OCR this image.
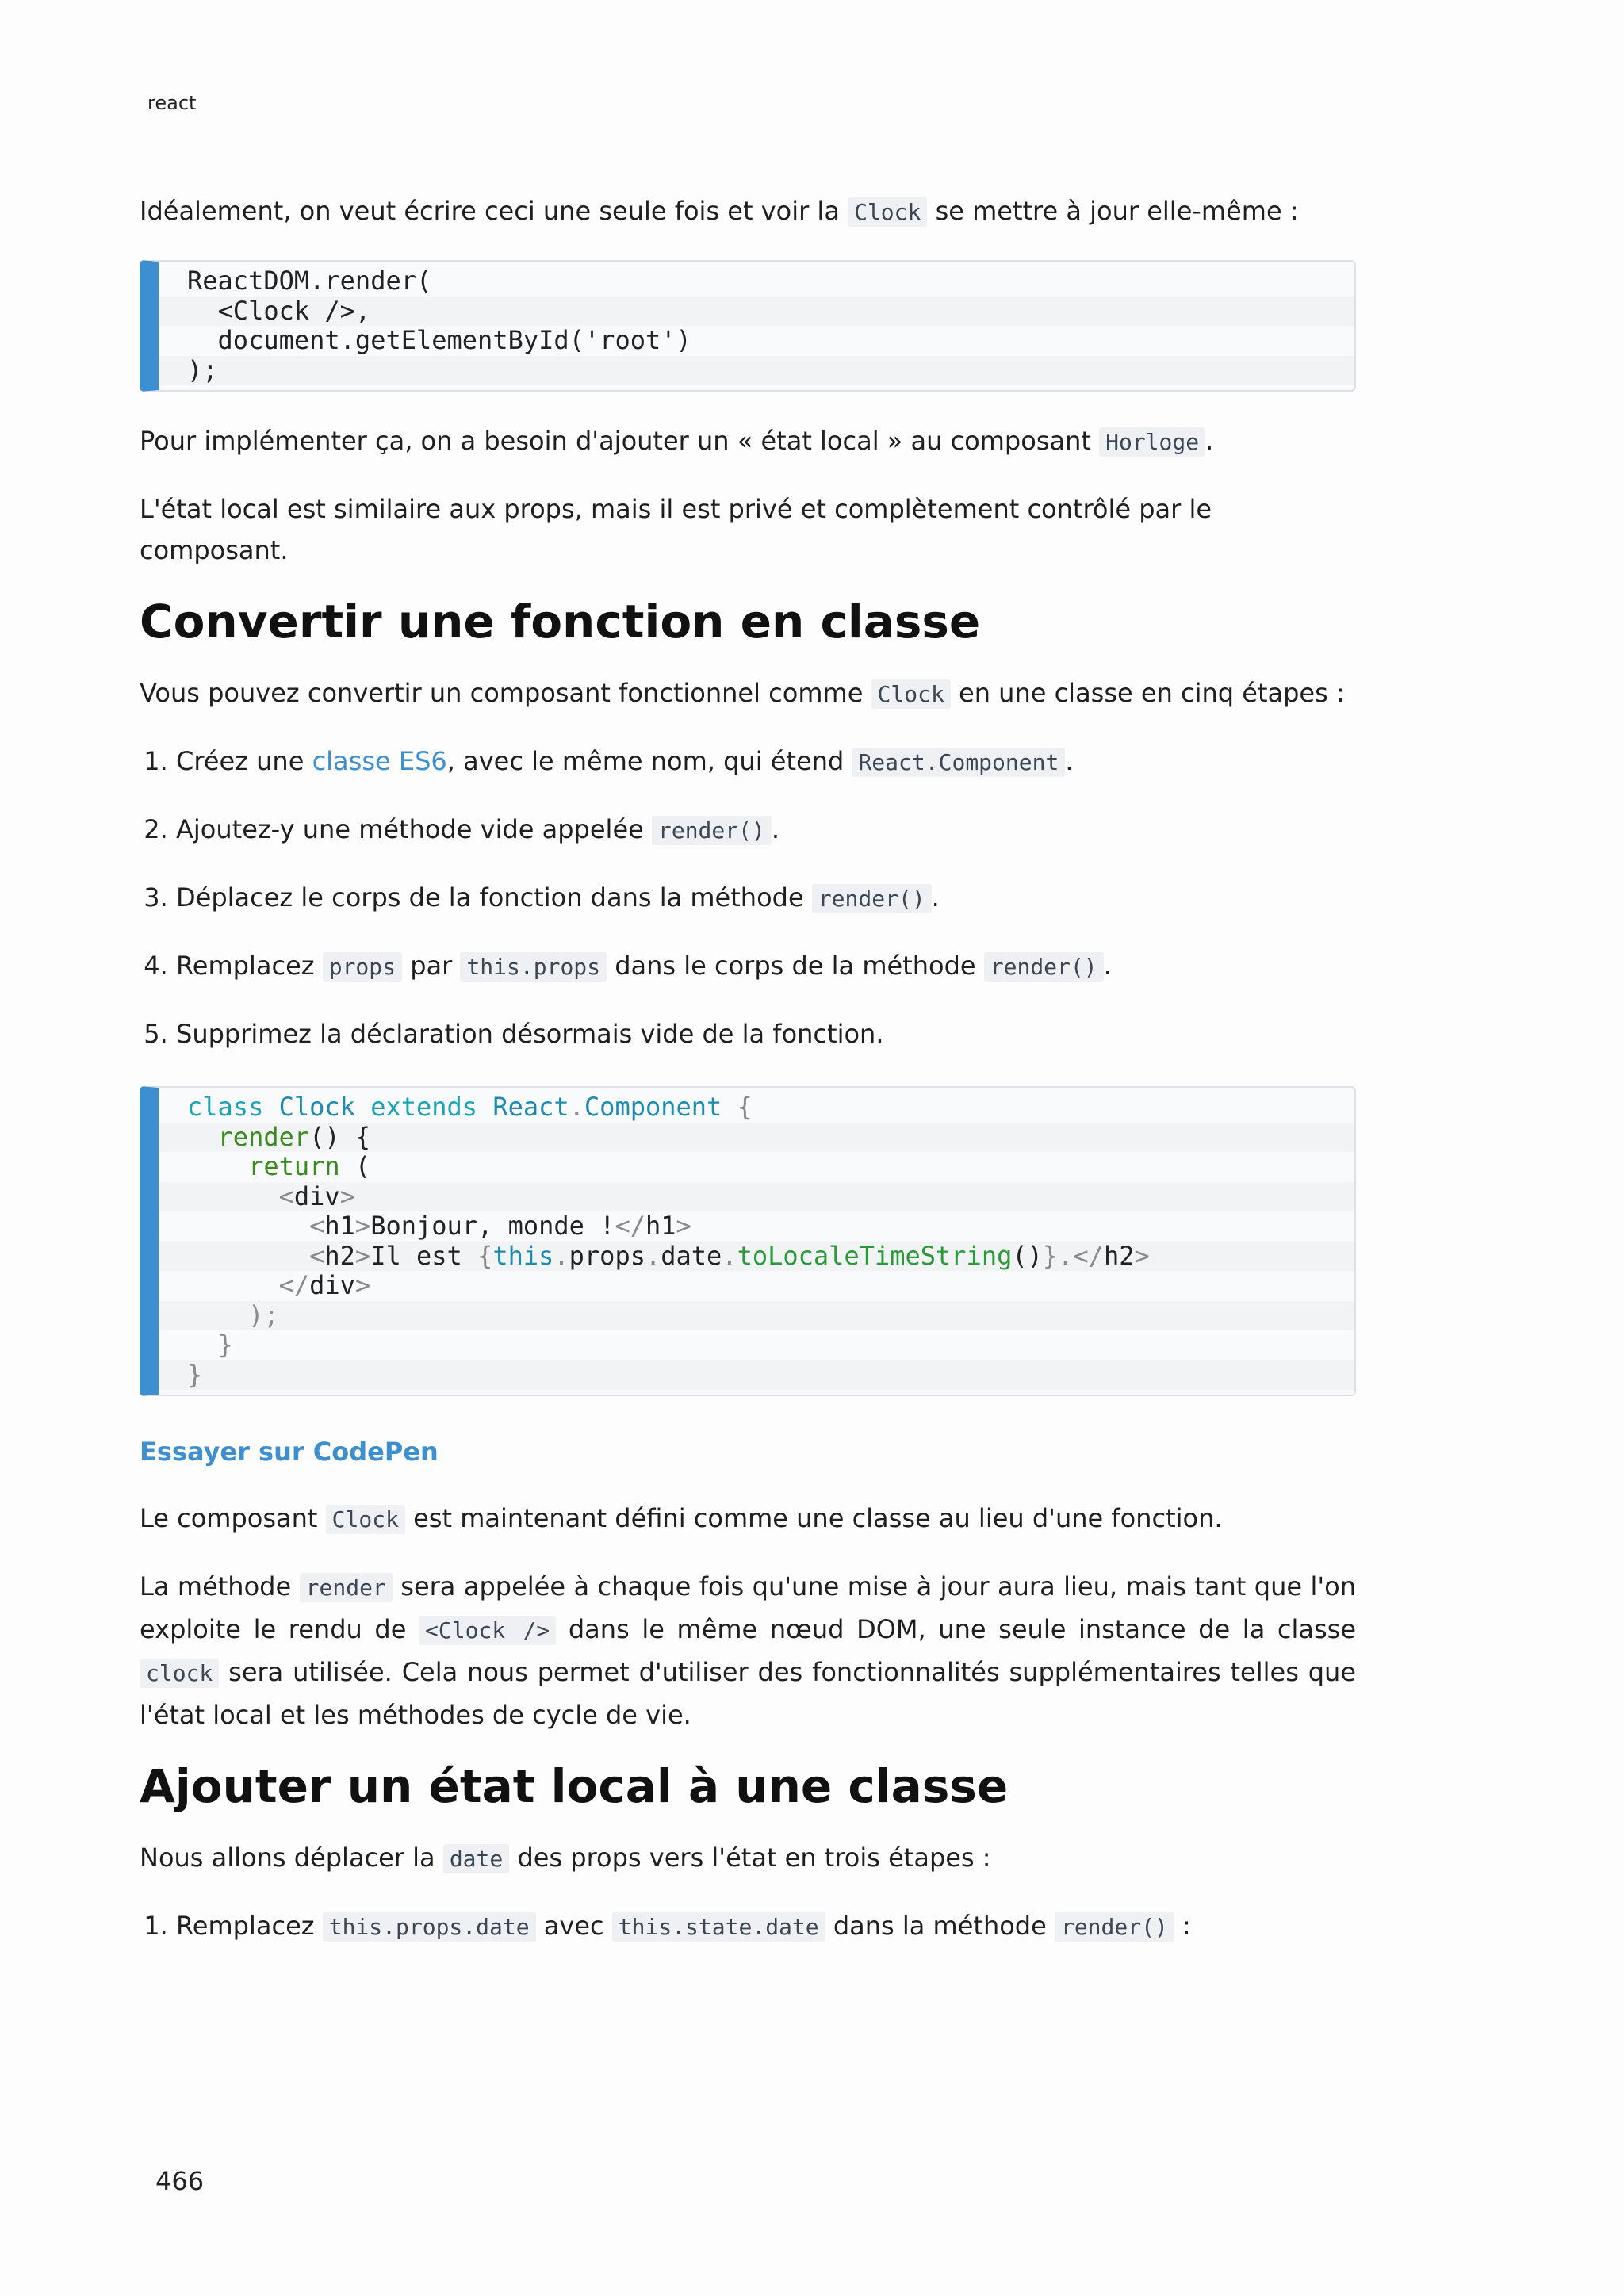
react

Idéalement, on veut écrire ceci une seule fois et voir la Clock se mettre à jour elle-même :

ReactDOM.render(
<Clock />,
document.getElementById('root')
);

Pour implémenter ça, on a besoin d'ajouter un « état local » au composant Horloge .

L'état local est similaire aux props, mais il est privé et complètement contrôlé par le composant.

Convertir une fonction en classe

Vous pouvez convertir un composant fonctionnel comme Clock en une classe en cinq étapes :

1. Créez une classe ES6, avec le même nom, qui étend React.Component .
2. Ajoutez-y une méthode vide appelée render() .
3. Déplacez le corps de la fonction dans la méthode render() .
4. Remplacez props par this.props dans le corps de la méthode render() .
5. Supprimez la déclaration désormais vide de la fonction.
class Clock extends React.Component {
render() {
return (
<div>
<h1>Bonjour, monde !</h1>
<h2>Il est {this.props.date.toLocaleTimeString()}.</h2>
</div>
);
}
}
Essayer sur CodePen

Le composant Clock est maintenant défini comme une classe au lieu d'une fonction.

La méthode render sera appelée à chaque fois qu'une mise à jour aura lieu, mais tant que l'on exploite le rendu de <Clock /> dans le même nœud DOM, une seule instance de la classe clock sera utilisée. Cela nous permet d'utiliser des fonctionnalités supplémentaires telles que l'état local et les méthodes de cycle de vie.

Ajouter un état local à une classe

Nous allons déplacer la date des props vers l'état en trois étapes :

1. Remplacez this.props.date avec this.state.date dans la méthode render() :
466
